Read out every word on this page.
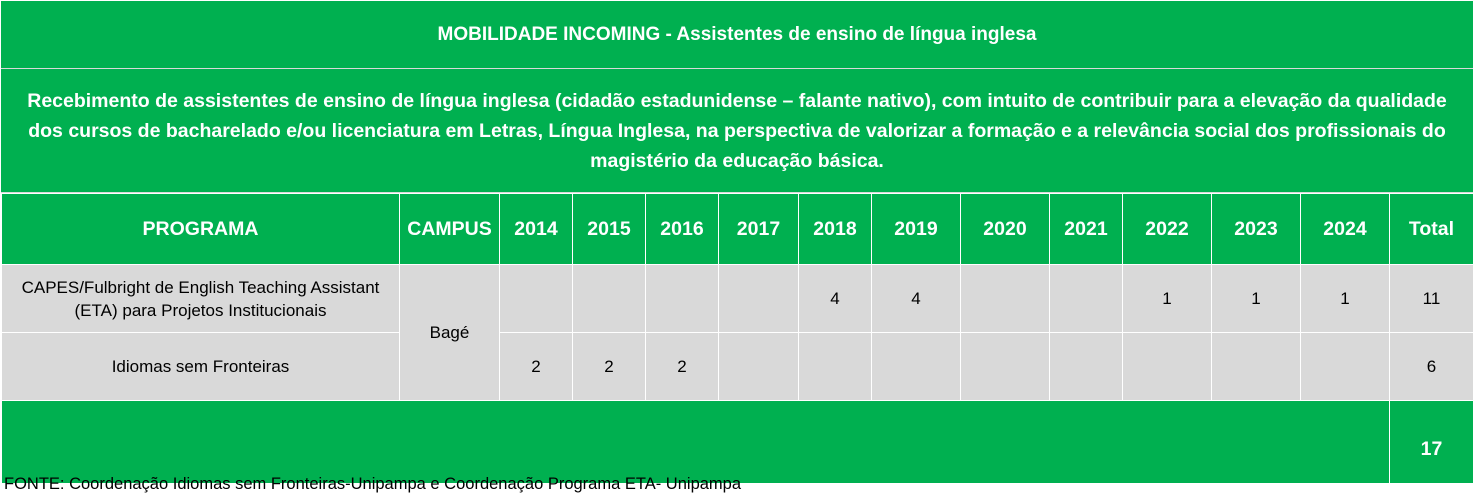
MOBILIDADE INCOMING - Assistentes de ensino de língua inglesa
Recebimento de assistentes de ensino de língua inglesa (cidadão estadunidense – falante nativo), com intuito de contribuir para a elevação da qualidade dos cursos de bacharelado e/ou licenciatura em Letras, Língua Inglesa, na perspectiva de valorizar a formação e a relevância social dos profissionais do magistério da educação básica.
PROGRAMA	CAMPUS	2014	2015	2016	2017	2018	2019	2020	2021	2022	2023	2024	Total
CAPES/Fulbright de English Teaching Assistant (ETA) para Projetos Institucionais	Bagé					4	4			1	1	1	11
Idiomas sem Fronteiras		2	2	2									6
													17
FONTE: Coordenação Idiomas sem Fronteiras-Unipampa e Coordenação Programa ETA- Unipampa
